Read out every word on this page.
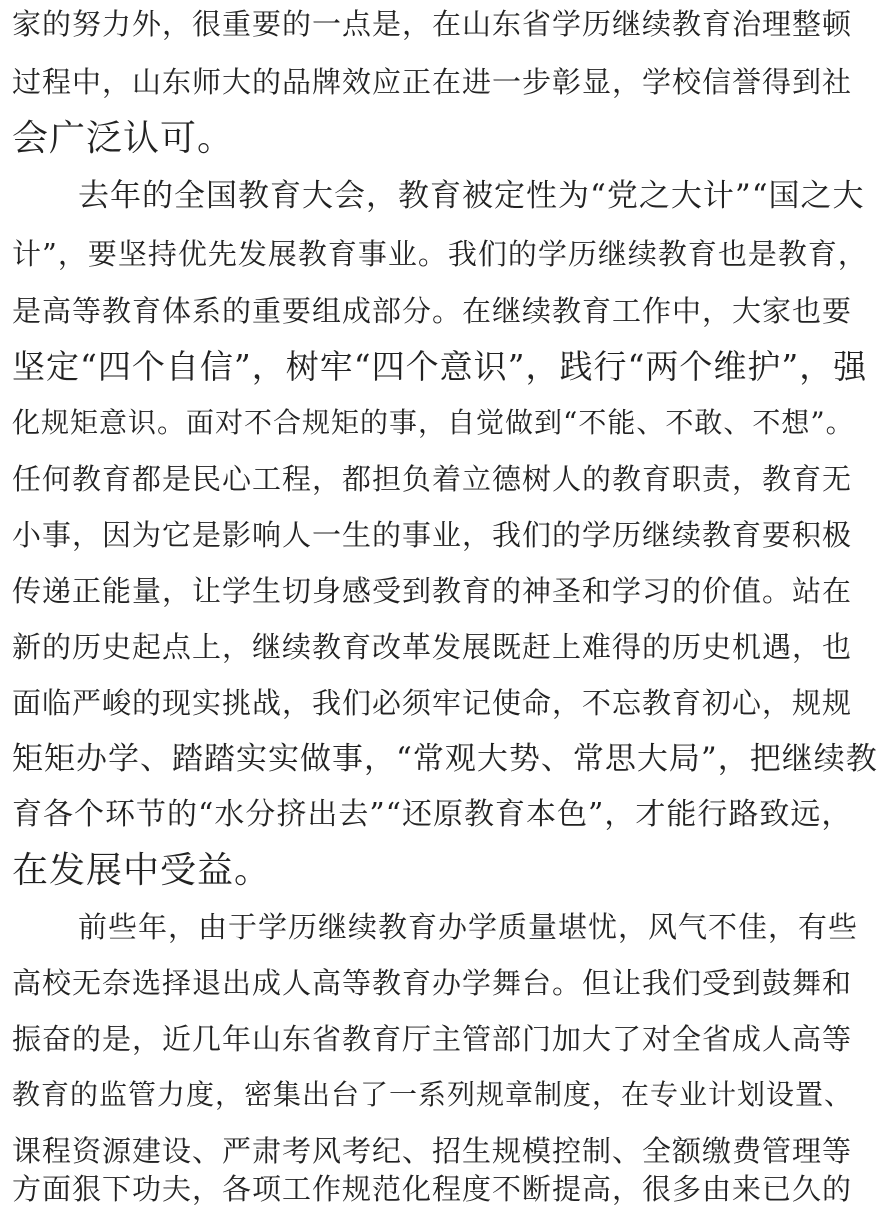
家的努力外，很重要的一点是，在山东省学历继续教育治理整顿
过程中，山东师大的品牌效应正在进一步彰显，学校信誉得到社
会广泛认可。
去年的全国教育大会，教育被定性为“党之大计”“国之大
计”，要坚持优先发展教育事业。我们的学历继续教育也是教育，
是高等教育体系的重要组成部分。在继续教育工作中，大家也要
坚定“四个自信”，树牢“四个意识”，践行“两个维护”，强
化规矩意识。面对不合规矩的事，自觉做到“不能、不敢、不想”。
任何教育都是民心工程，都担负着立德树人的教育职责，教育无
小事，因为它是影响人一生的事业，我们的学历继续教育要积极
传递正能量，让学生切身感受到教育的神圣和学习的价值。站在
新的历史起点上，继续教育改革发展既赶上难得的历史机遇，也
面临严峻的现实挑战，我们必须牢记使命，不忘教育初心，规规
矩矩办学、踏踏实实做事，“常观大势、常思大局”，把继续教
育各个环节的“水分挤出去”“还原教育本色”，才能行路致远，
在发展中受益。
前些年，由于学历继续教育办学质量堪忧，风气不佳，有些
高校无奈选择退出成人高等教育办学舞台。但让我们受到鼓舞和
振奋的是，近几年山东省教育厅主管部门加大了对全省成人高等
教育的监管力度，密集出台了一系列规章制度，在专业计划设置、
课程资源建设、严肃考风考纪、招生规模控制、全额缴费管理等
方面狠下功夫，各项工作规范化程度不断提高，很多由来已久的
